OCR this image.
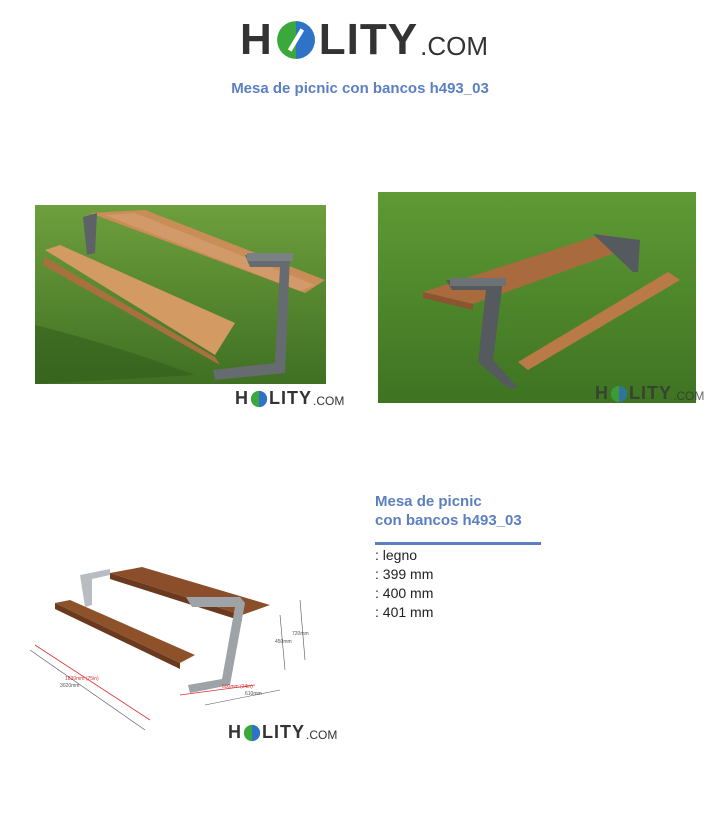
H LITY .COM
Mesa de picnic con bancos h493_03
H LITY .COM	H LITY .COM
1830mm (75in)
3020mm	600mm (24in)
610mm
450mm
720mm
H LITY .COM
Mesa de picnic
con bancos h493_03
: legno
: 399 mm
: 400 mm
: 401 mm
